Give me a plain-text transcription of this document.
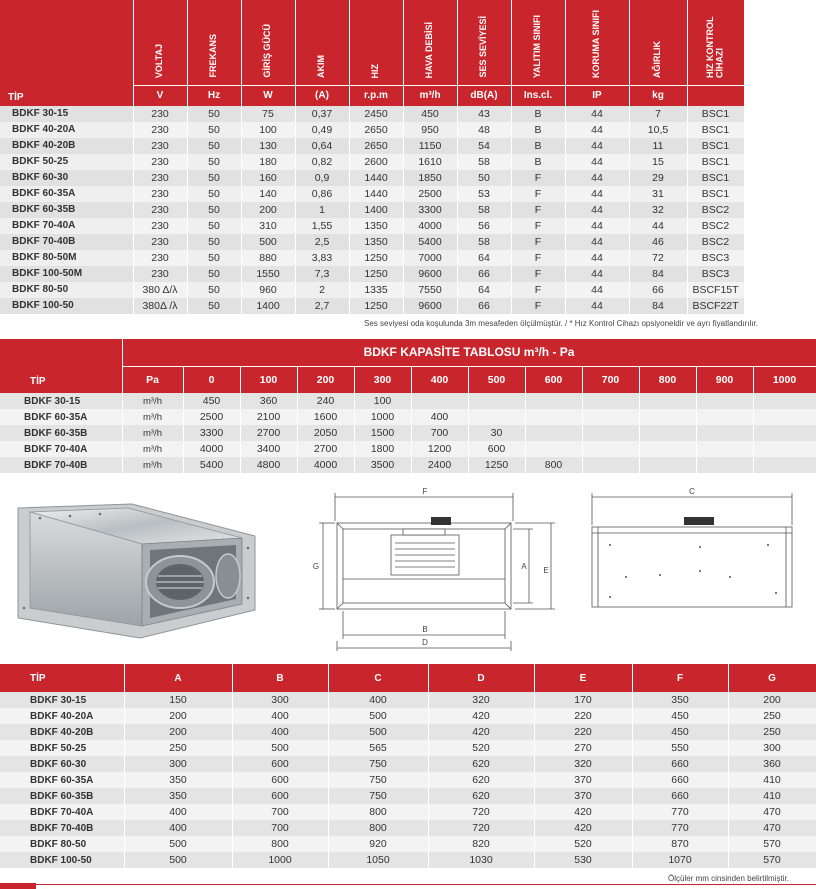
TİP	VOLTAJ	FREKANS	GİRİŞ GÜCÜ	AKIM	HIZ	HAVA DEBİSİ	SES SEVİYESİ	YALITIM SINIFI	KORUMA SINIFI	AĞIRLIK	HIZ KONTROL CİHAZI
	V	Hz	W	(A)	r.p.m	m³/h	dB(A)	Ins.cl.	IP	kg	
BDKF 30-15	230	50	75	0,37	2450	450	43	B	44	7	BSC1
BDKF 40-20A	230	50	100	0,49	2650	950	48	B	44	10,5	BSC1
BDKF 40-20B	230	50	130	0,64	2650	1150	54	B	44	11	BSC1
BDKF 50-25	230	50	180	0,82	2600	1610	58	B	44	15	BSC1
BDKF 60-30	230	50	160	0,9	1440	1850	50	F	44	29	BSC1
BDKF 60-35A	230	50	140	0,86	1440	2500	53	F	44	31	BSC1
BDKF 60-35B	230	50	200	1	1400	3300	58	F	44	32	BSC2
BDKF 70-40A	230	50	310	1,55	1350	4000	56	F	44	44	BSC2
BDKF 70-40B	230	50	500	2,5	1350	5400	58	F	44	46	BSC2
BDKF 80-50M	230	50	880	3,83	1250	7000	64	F	44	72	BSC3
BDKF 100-50M	230	50	1550	7,3	1250	9600	66	F	44	84	BSC3
BDKF 80-50	380 Δ/λ	50	960	2	1335	7550	64	F	44	66	BSCF15T
BDKF 100-50	380Δ /λ	50	1400	2,7	1250	9600	66	F	44	84	BSCF22T
Ses seviyesi oda koşulunda 3m mesafeden ölçülmüştür. / * Hız Kontrol Cihazı opsiyoneldir ve ayrı fiyatlandırılır.
TİP	BDKF KAPASİTE TABLOSU m³/h - Pa											
	Pa	0	100	200	300	400	500	600	700	800	900	1000
BDKF 30-15	m³/h	450	360	240	100							
BDKF 60-35A	m³/h	2500	2100	1600	1000	400						
BDKF 60-35B	m³/h	3300	2700	2050	1500	700	30					
BDKF 70-40A	m³/h	4000	3400	2700	1800	1200	600					
BDKF 70-40B	m³/h	5400	4800	4000	3500	2400	1250	800				
F
G	A E
B
D
C
TİP	A	B	C	D	E	F	G
BDKF 30-15	150	300	400	320	170	350	200
BDKF 40-20A	200	400	500	420	220	450	250
BDKF 40-20B	200	400	500	420	220	450	250
BDKF 50-25	250	500	565	520	270	550	300
BDKF 60-30	300	600	750	620	320	660	360
BDKF 60-35A	350	600	750	620	370	660	410
BDKF 60-35B	350	600	750	620	370	660	410
BDKF 70-40A	400	700	800	720	420	770	470
BDKF 70-40B	400	700	800	720	420	770	470
BDKF 80-50	500	800	920	820	520	870	570
BDKF 100-50	500	1000	1050	1030	530	1070	570
Ölçüler mm cinsinden belirtilmiştir.
